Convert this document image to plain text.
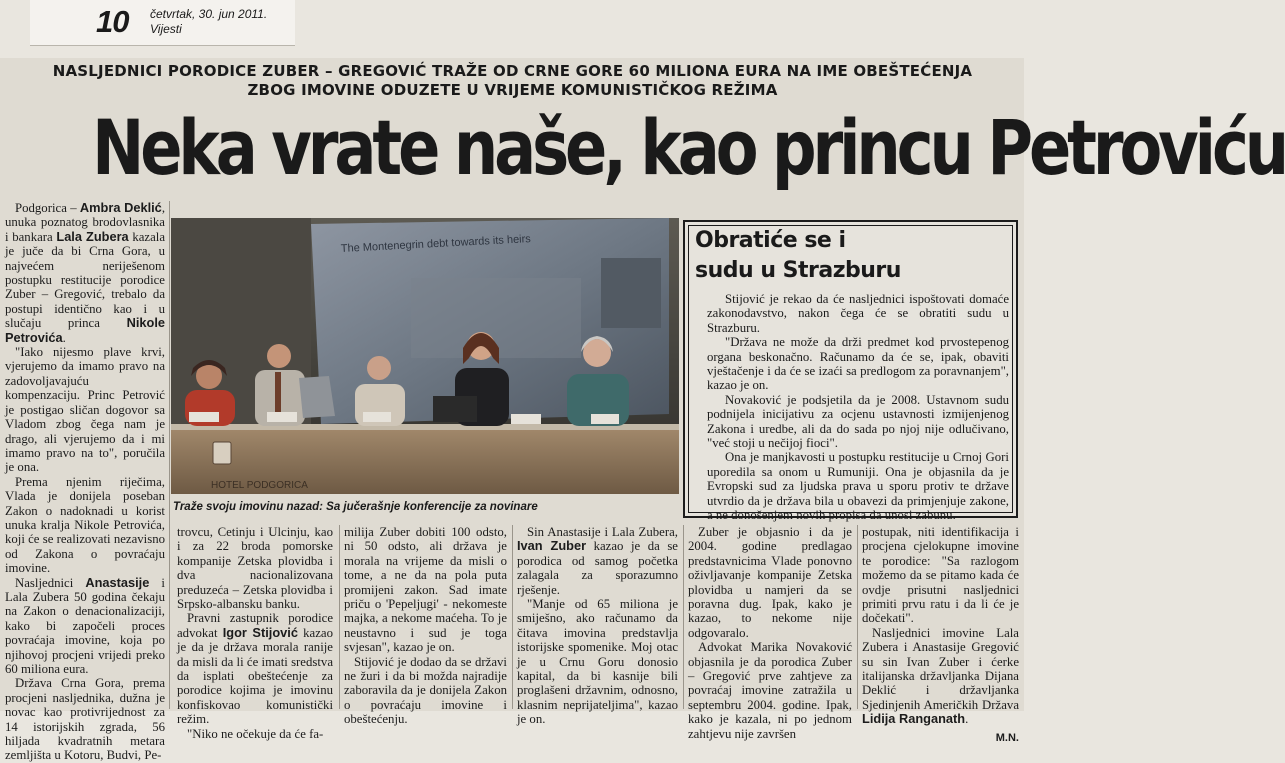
10 četvrtak, 30. jun 2011.
Vijesti
NASLJEDNICI PORODICE ZUBER – GREGOVIĆ TRAŽE OD CRNE GORE 60 MILIONA EURA NA IME OBEŠTEĆENJA
ZBOG IMOVINE ODUZETE U VRIJEME KOMUNISTIČKOG REŽIMA
Neka vrate naše, kao princu Petroviću

Podgorica – Ambra Deklić, unuka poznatog brodovlasnika i bankara Lala Zubera kazala je juče da bi Crna Gora, u najvećem neriješenom postupku restitucije porodice Zuber – Gregović, trebalo da postupi identično kao i u slučaju princa Nikole Petrovića.

"Iako nijesmo plave krvi, vjerujemo da imamo pravo na zadovoljavajuću kompenzaciju. Princ Petrović je postigao sličan dogovor sa Vladom zbog čega nam je drago, ali vjerujemo da i mi imamo pravo na to", poručila je ona.

Prema njenim riječima, Vlada je donijela poseban Zakon o nadoknadi u korist unuka kralja Nikole Petrovića, koji će se realizovati nezavisno od Zakona o povraćaju imovine.

Nasljednici Anastasije i Lala Zubera 50 godina čekaju na Zakon o denacionalizaciji, kako bi započeli proces povraćaja imovine, koja po njihovoj procjeni vrijedi preko 60 miliona eura.

Država Crna Gora, prema procjeni nasljednika, dužna je novac kao protivrijednost za 14 istorijskih zgrada, 56 hiljada kvadratnih metara zemljišta u Kotoru, Budvi, Pe-

The Montenegrin debt towards its heirs
HOTEL PODGORICA
Traže svoju imovinu nazad: Sa jučerašnje konferencije za novinare
Obratiće se i
sudu u Strazburu

Stijović je rekao da će nasljednici ispoštovati domaće zakonodavstvo, nakon čega će se obratiti sudu u Strazburu.

"Država ne može da drži predmet kod prvostepenog organa beskonačno. Računamo da će se, ipak, obaviti vještačenje i da će se izaći sa predlogom za poravnanjem", kazao je on.

Novaković je podsjetila da je 2008. Ustavnom sudu podnijela inicijativu za ocjenu ustavnosti izmijenjenog Zakona i uredbe, ali da do sada po njoj nije odlučivano, "već stoji u nečijoj fioci".

Ona je manjkavosti u postupku restitucije u Crnoj Gori uporedila sa onom u Rumuniji. Ona je objasnila da je Evropski sud za ljudska prava u sporu protiv te države utvrdio da je država bila u obavezi da primjenjuje zakone, a ne donošenjem novih propisa da unosi zabunu.

trovcu, Cetinju i Ulcinju, kao i za 22 broda pomorske kompanije Zetska plovidba i dva nacionalizovana preduzeća – Zetska plovidba i Srpsko-albansku banku.

Pravni zastupnik porodice advokat Igor Stijović kazao je da je država morala ranije da misli da li će imati sredstva da isplati obeštećenje za porodice kojima je imovinu konfiskovao komunistički režim.

"Niko ne očekuje da će fa-

milija Zuber dobiti 100 odsto, ni 50 odsto, ali država je morala na vrijeme da misli o tome, a ne da na pola puta promijeni zakon. Sad imate priču o 'Pepeljugi' - nekomeste majka, a nekome maćeha. To je neustavno i sud je toga svjesan", kazao je on.

Stijović je dodao da se državi ne žuri i da bi možda najradije zaboravila da je donijela Zakon o povraćaju imovine i obeštećenju.

Sin Anastasije i Lala Zubera, Ivan Zuber kazao je da se porodica od samog početka zalagala za sporazumno rješenje.

"Manje od 65 miliona je smiješno, ako računamo da čitava imovina predstavlja istorijske spomenike. Moj otac je u Crnu Goru donosio kapital, da bi kasnije bili proglašeni državnim, odnosno, klasnim neprijateljima", kazao je on.

Zuber je objasnio i da je 2004. godine predlagao predstavnicima Vlade ponovno oživljavanje kompanije Zetska plovidba u namjeri da se poravna dug. Ipak, kako je kazao, to nekome nije odgovaralo.

Advokat Marika Novaković objasnila je da porodica Zuber – Gregović prve zahtjeve za povraćaj imovine zatražila u septembru 2004. godine. Ipak, kako je kazala, ni po jednom zahtjevu nije završen

postupak, niti identifikacija i procjena cjelokupne imovine te porodice: "Sa razlogom možemo da se pitamo kada će ovdje prisutni nasljednici primiti prvu ratu i da li će je dočekati".

Nasljednici imovine Lala Zubera i Anastasije Gregović su sin Ivan Zuber i ćerke italijanska državljanka Dijana Deklić i državljanka Sjedinjenih Američkih Država Lidija Ranganath.

M.N.
